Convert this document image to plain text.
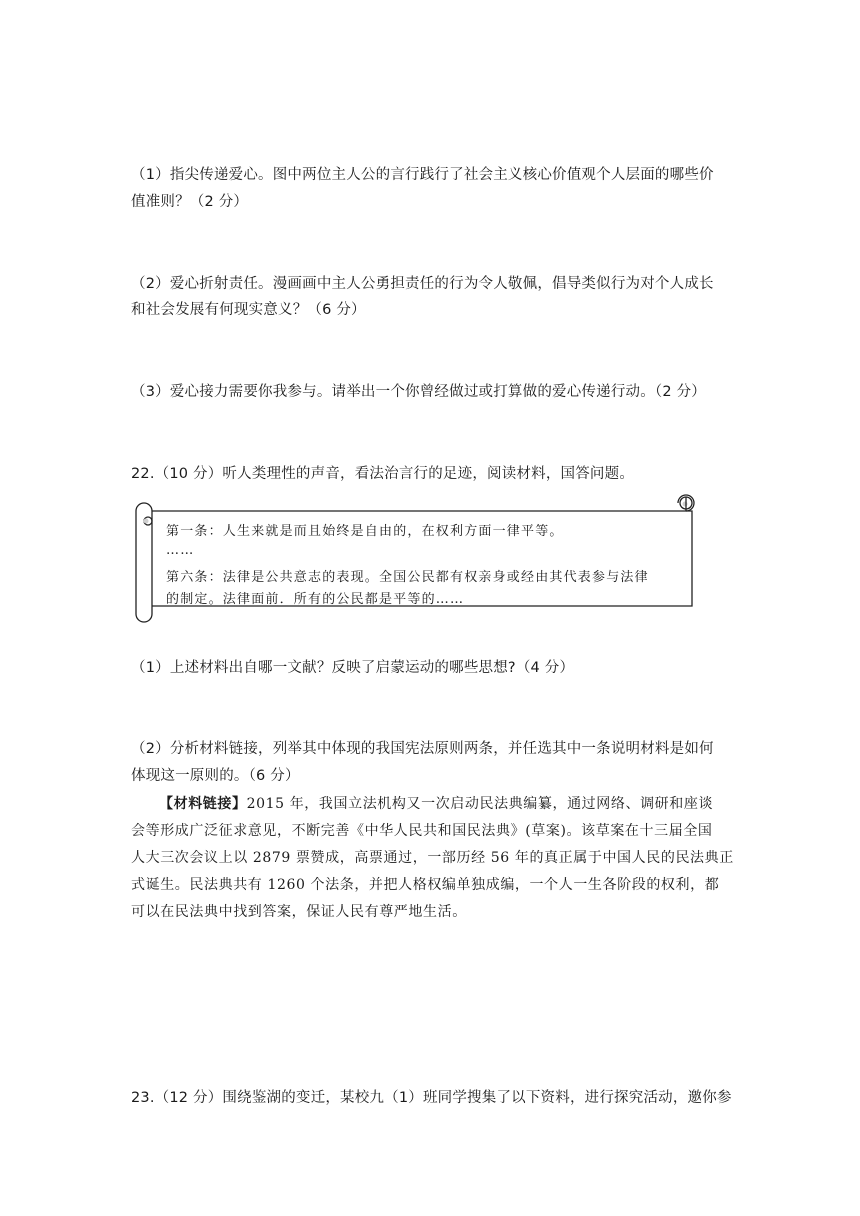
（1）指尖传递爱心。图中两位主人公的言行践行了社会主义核心价值观个人层面的哪些价
值准则？（2 分）
（2）爱心折射责任。漫画画中主人公勇担责任的行为令人敬佩，倡导类似行为对个人成长
和社会发展有何现实意义？（6 分）
（3）爱心接力需要你我参与。请举出一个你曾经做过或打算做的爱心传递行动。（2 分）
22.（10 分）听人类理性的声音，看法治言行的足迹，阅读材料，国答问题。
第一条：人生来就是而且始终是自由的，在权利方面一律平等。
……
第六条：法律是公共意志的表现。全国公民都有权亲身或经由其代表参与法律
的制定。法律面前．所有的公民都是平等的……
（1）上述材料出自哪一文献？反映了启蒙运动的哪些思想?（4 分）
（2）分析材料链接，列举其中体现的我国宪法原则两条，并任选其中一条说明材料是如何
体现这一原则的。（6 分）
【材料链接】2015 年，我国立法机构又一次启动民法典编纂，通过网络、调研和座谈
会等形成广泛征求意见，不断完善《中华人民共和国民法典》(草案)。该草案在十三届全国
人大三次会议上以 2879 票赞成，高票通过，一部历经 56 年的真正属于中国人民的民法典正
式诞生。民法典共有 1260 个法条，并把人格权编单独成编，一个人一生各阶段的权利，都
可以在民法典中找到答案，保证人民有尊严地生活。
23.（12 分）围绕鉴湖的变迁，某校九（1）班同学搜集了以下资料，进行探究活动，邀你参
